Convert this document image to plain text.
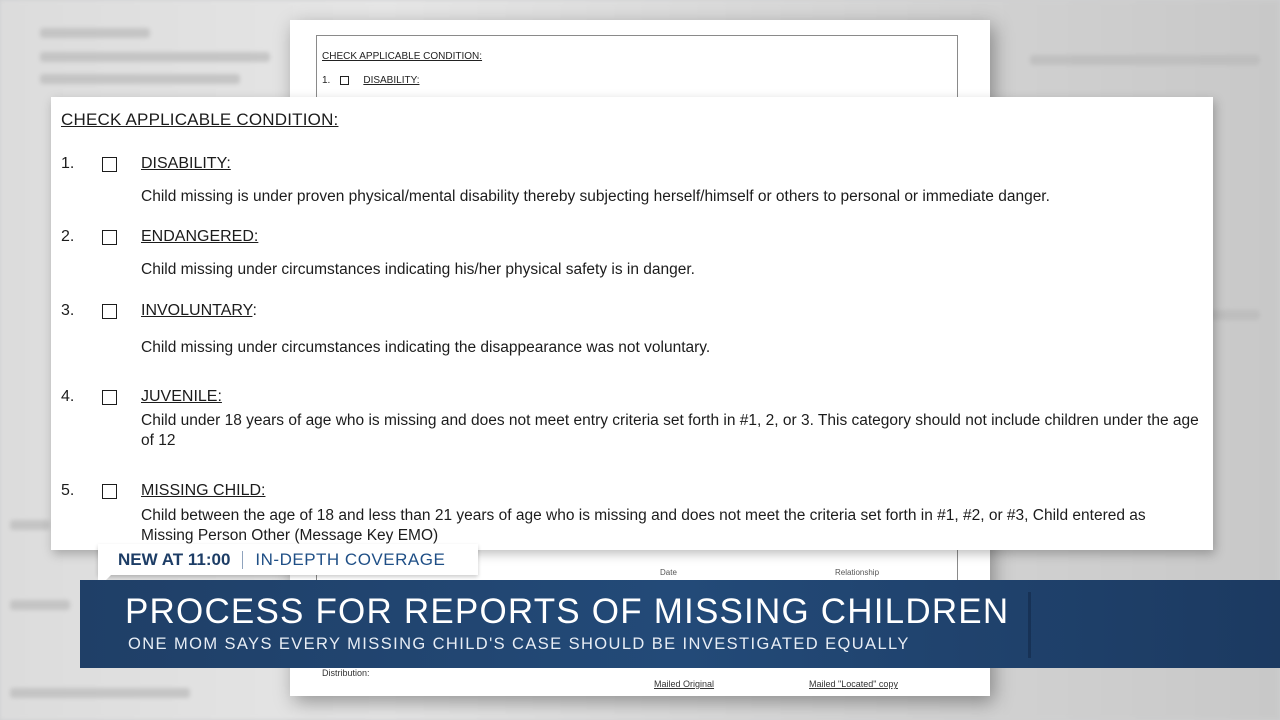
CHECK APPLICABLE CONDITION:
1.	DISABILITY:
Date	Relationship
Distribution:
Mailed Original	Mailed "Located" copy
CHECK APPLICABLE CONDITION:
1.	DISABILITY:
Child missing is under proven physical/mental disability thereby subjecting herself/himself or others to personal or immediate danger.
2.	ENDANGERED:
Child missing under circumstances indicating his/her physical safety is in danger.
3.	INVOLUNTARY:
Child missing under circumstances indicating the disappearance was not voluntary.
4.	JUVENILE:
Child under 18 years of age who is missing and does not meet entry criteria set forth in #1, 2, or 3. This category should not include children under the age of 12
5.	MISSING CHILD:
Child between the age of 18 and less than 21 years of age who is missing and does not meet the criteria set forth in #1, #2, or #3, Child entered as Missing Person Other (Message Key EMO)
NEW AT 11:00 IN-DEPTH COVERAGE
PROCESS FOR REPORTS OF MISSING CHILDREN
ONE MOM SAYS EVERY MISSING CHILD'S CASE SHOULD BE INVESTIGATED EQUALLY
